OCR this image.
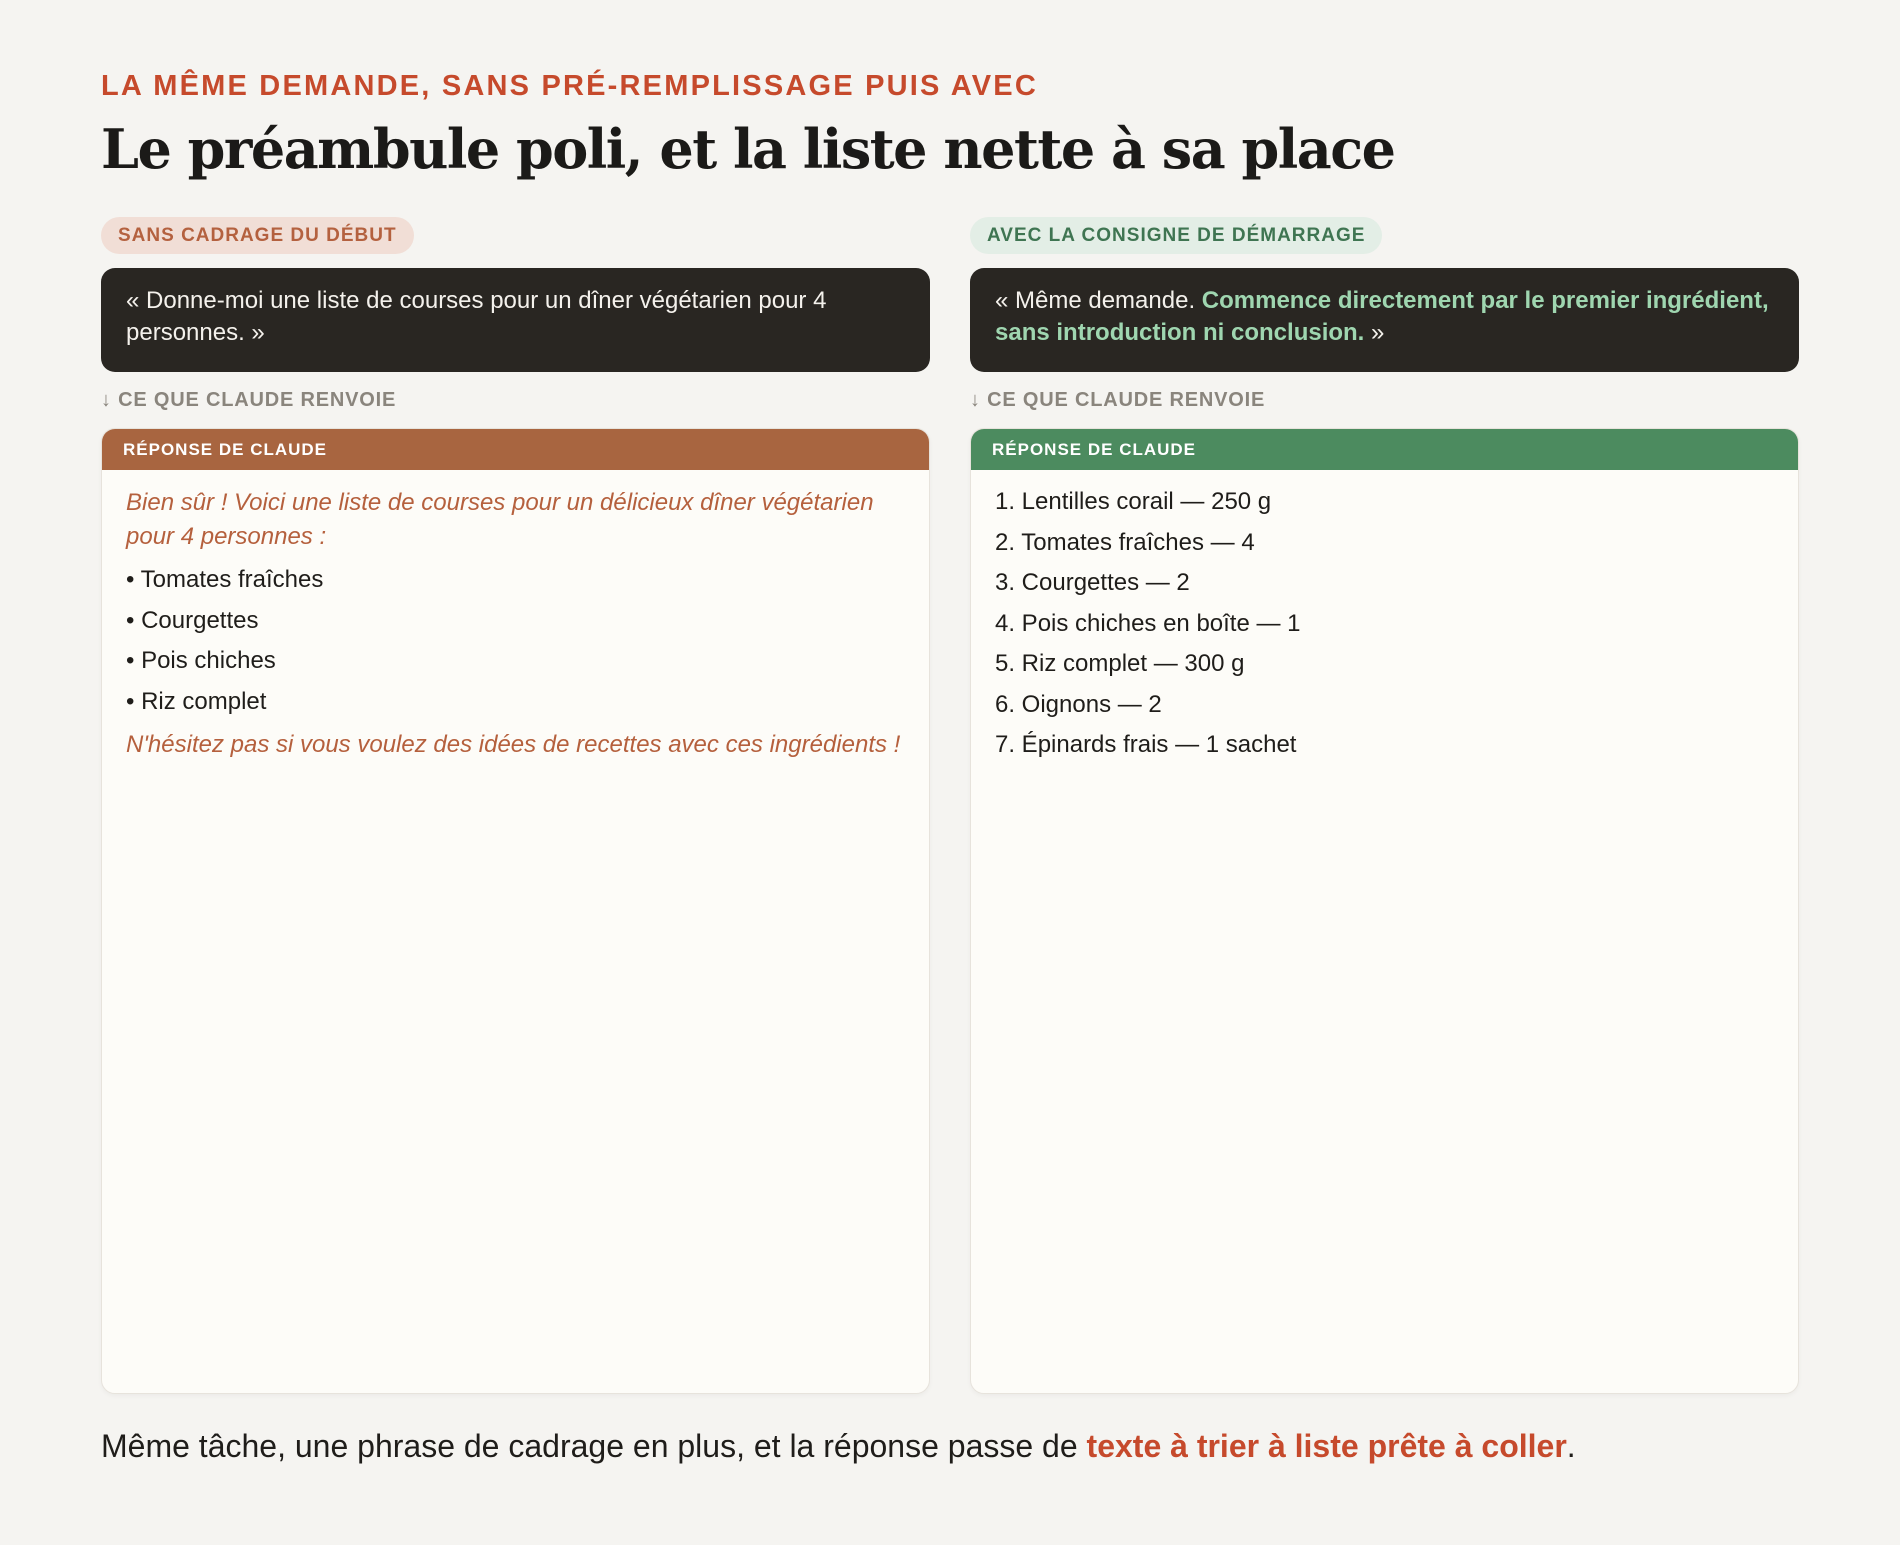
LA MÊME DEMANDE, SANS PRÉ-REMPLISSAGE PUIS AVEC
Le préambule poli, et la liste nette à sa place
SANS CADRAGE DU DÉBUT
« Donne-moi une liste de courses pour un dîner végétarien pour 4 personnes. »
↓ CE QUE CLAUDE RENVOIE
RÉPONSE DE CLAUDE

Bien sûr ! Voici une liste de courses pour un délicieux dîner végétarien pour 4 personnes :

• Tomates fraîches
• Courgettes
• Pois chiches
• Riz complet

N'hésitez pas si vous voulez des idées de recettes avec ces ingrédients !

AVEC LA CONSIGNE DE DÉMARRAGE
« Même demande. Commence directement par le premier ingrédient, sans introduction ni conclusion. »
↓ CE QUE CLAUDE RENVOIE
RÉPONSE DE CLAUDE
1. Lentilles corail — 250 g
2. Tomates fraîches — 4
3. Courgettes — 2
4. Pois chiches en boîte — 1
5. Riz complet — 300 g
6. Oignons — 2
7. Épinards frais — 1 sachet
Même tâche, une phrase de cadrage en plus, et la réponse passe de texte à trier à liste prête à coller.
